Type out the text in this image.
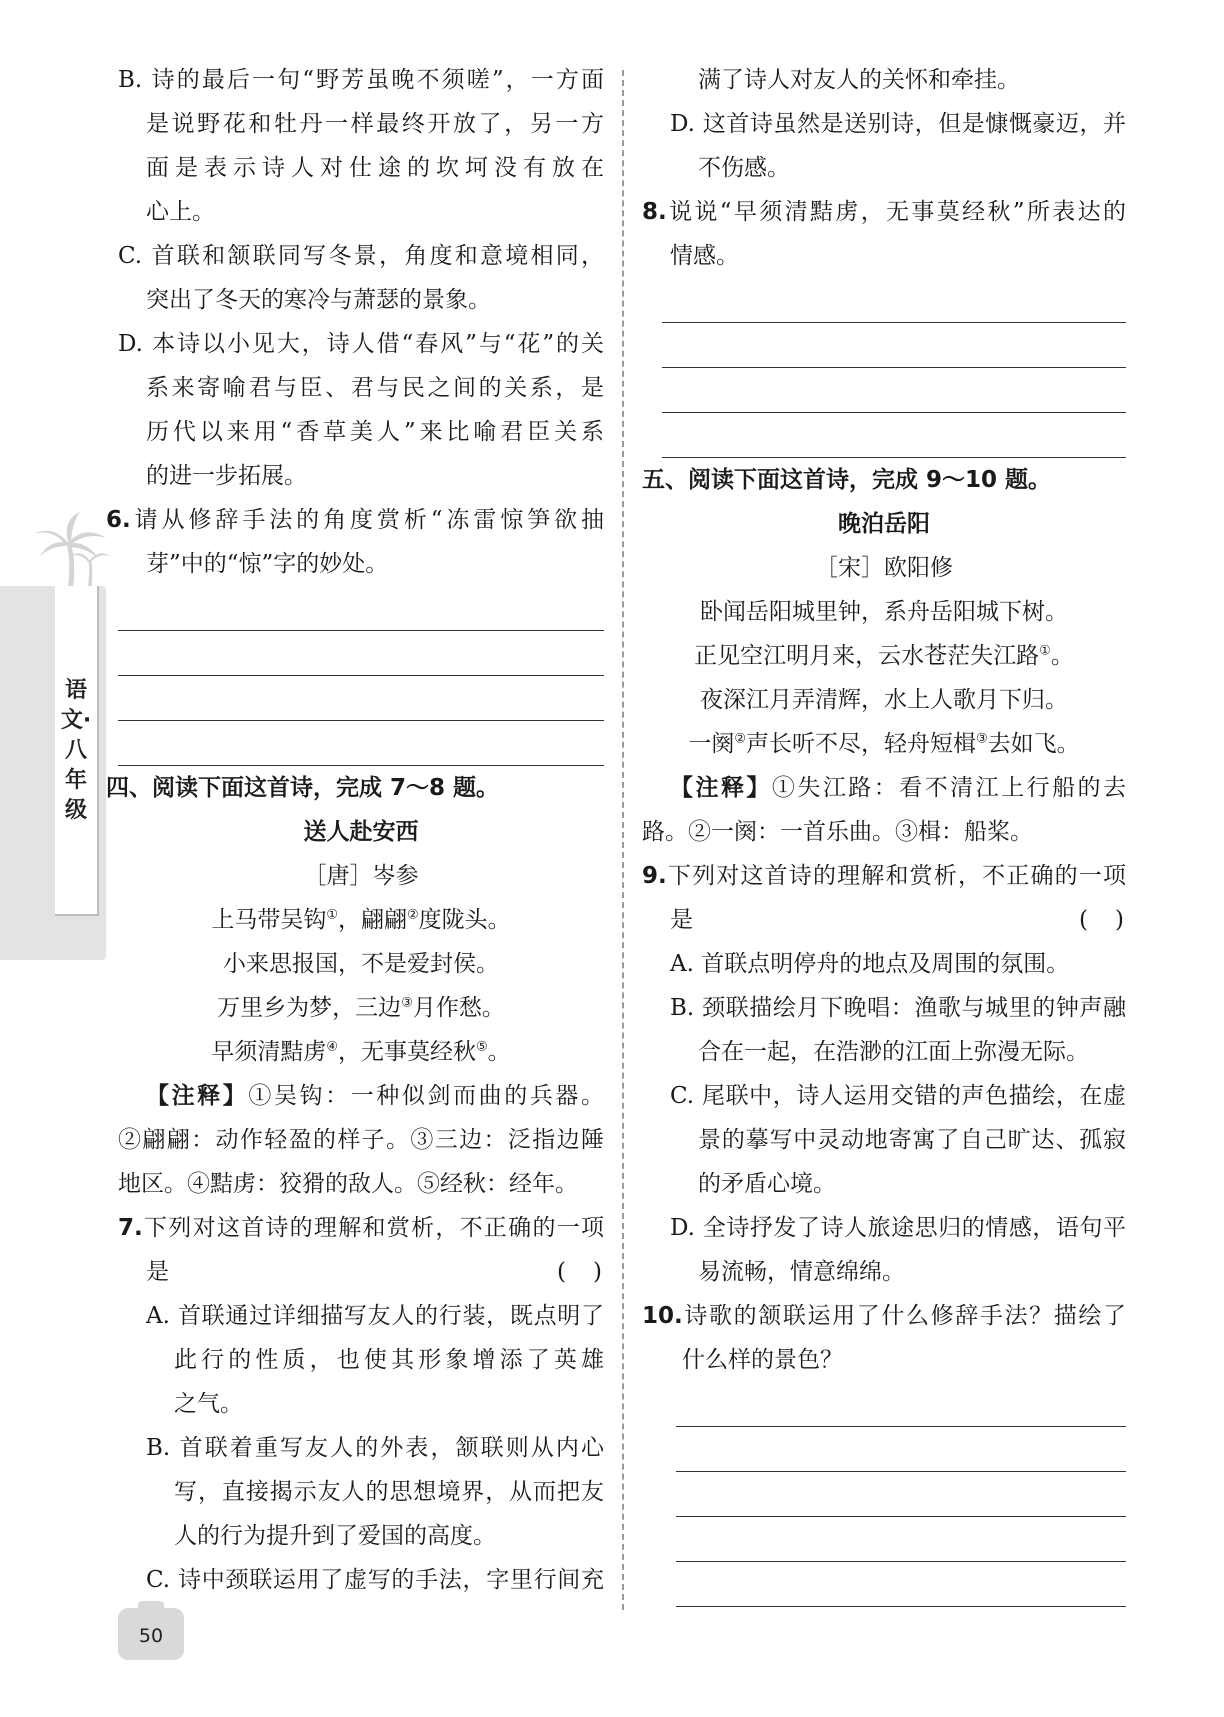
语文·八年级
B. 诗的最后一句“野芳虽晚不须嗟”，一方面
是说野花和牡丹一样最终开放了，另一方
面是表示诗人对仕途的坎坷没有放在
心上。
C. 首联和颔联同写冬景，角度和意境相同，
突出了冬天的寒冷与萧瑟的景象。
D. 本诗以小见大，诗人借“春风”与“花”的关
系来寄喻君与臣、君与民之间的关系，是
历代以来用“香草美人”来比喻君臣关系
的进一步拓展。
6.请从修辞手法的角度赏析“冻雷惊笋欲抽
芽”中的“惊”字的妙处。
四、阅读下面这首诗，完成 7～8 题。
送人赴安西
［唐］岑参
上马带吴钩①，翩翩②度陇头。
小来思报国，不是爱封侯。
万里乡为梦，三边③月作愁。
早须清黠虏④，无事莫经秋⑤。
【注释】①吴钩：一种似剑而曲的兵器。
②翩翩：动作轻盈的样子。③三边：泛指边陲
地区。④黠虏：狡猾的敌人。⑤经秋：经年。
7.下列对这首诗的理解和赏析，不正确的一项
是	(　)
A. 首联通过详细描写友人的行装，既点明了
此行的性质，也使其形象增添了英雄
之气。
B. 首联着重写友人的外表，颔联则从内心
写，直接揭示友人的思想境界，从而把友
人的行为提升到了爱国的高度。
C. 诗中颈联运用了虚写的手法，字里行间充
满了诗人对友人的关怀和牵挂。
D. 这首诗虽然是送别诗，但是慷慨豪迈，并
不伤感。
8.说说“早须清黠虏，无事莫经秋”所表达的
情感。
五、阅读下面这首诗，完成 9～10 题。
晚泊岳阳
［宋］欧阳修
卧闻岳阳城里钟，系舟岳阳城下树。
正见空江明月来，云水苍茫失江路①。
夜深江月弄清辉，水上人歌月下归。
一阕②声长听不尽，轻舟短楫③去如飞。
【注释】①失江路：看不清江上行船的去
路。②一阕：一首乐曲。③楫：船桨。
9.下列对这首诗的理解和赏析，不正确的一项
是	(　)
A. 首联点明停舟的地点及周围的氛围。
B. 颈联描绘月下晚唱：渔歌与城里的钟声融
合在一起，在浩渺的江面上弥漫无际。
C. 尾联中，诗人运用交错的声色描绘，在虚
景的摹写中灵动地寄寓了自己旷达、孤寂
的矛盾心境。
D. 全诗抒发了诗人旅途思归的情感，语句平
易流畅，情意绵绵。
10.诗歌的颔联运用了什么修辞手法？描绘了
什么样的景色？
50
